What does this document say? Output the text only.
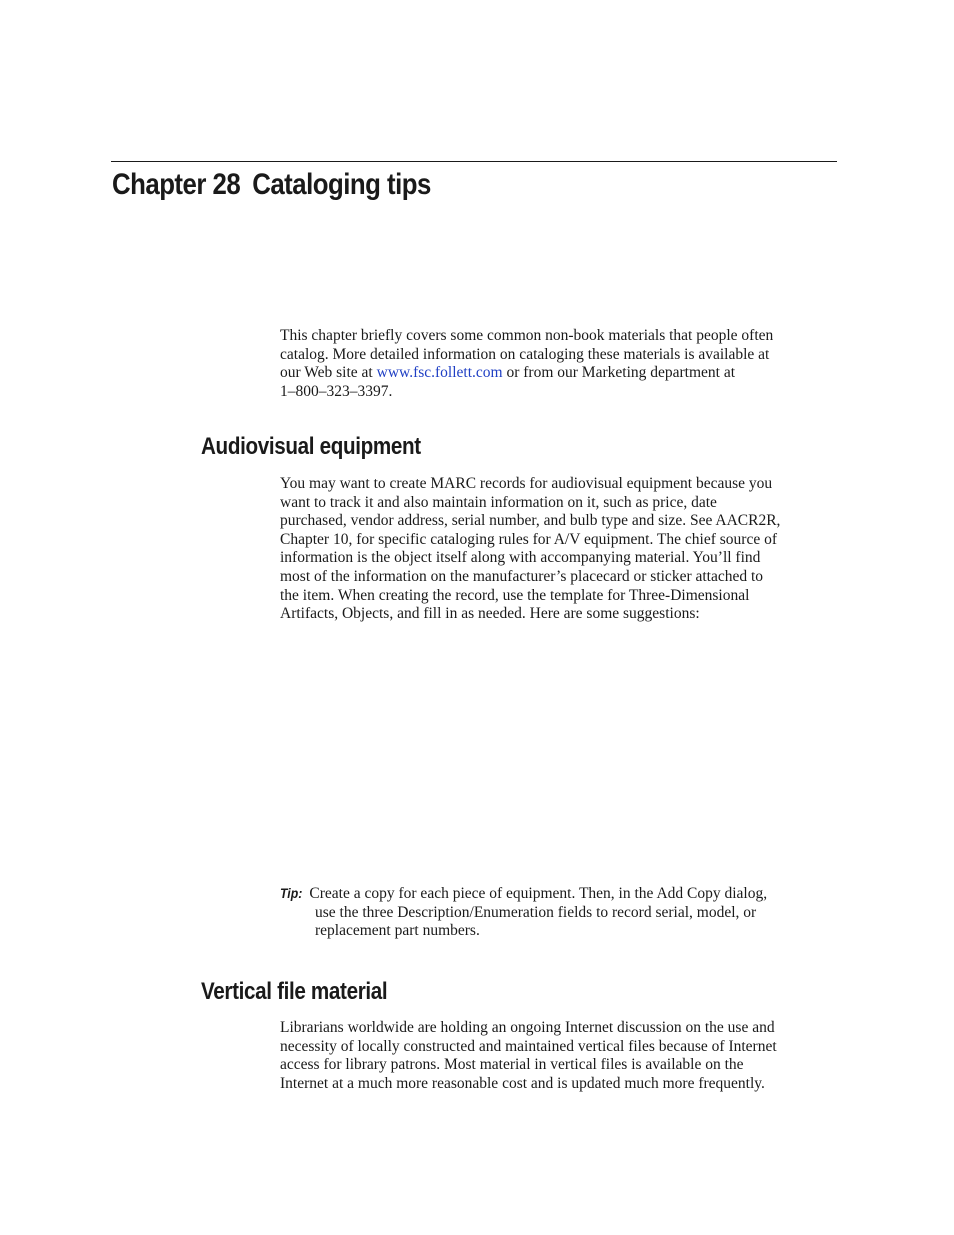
Chapter 28 Cataloging tips

This chapter briefly covers some common non-book materials that people often
catalog. More detailed information on cataloging these materials is available at
our Web site at www.fsc.follett.com or from our Marketing department at
1–800–323–3397.

Audiovisual equipment

You may want to create MARC records for audiovisual equipment because you
want to track it and also maintain information on it, such as price, date
purchased, vendor address, serial number, and bulb type and size. See AACR2R,
Chapter 10, for specific cataloging rules for A/V equipment. The chief source of
information is the object itself along with accompanying material. You’ll find
most of the information on the manufacturer’s placecard or sticker attached to
the item. When creating the record, use the template for Three-Dimensional
Artifacts, Objects, and fill in as needed. Here are some suggestions:

Tip: Create a copy for each piece of equipment. Then, in the Add Copy dialog,
use the three Description/Enumeration fields to record serial, model, or
replacement part numbers.

Vertical file material

Librarians worldwide are holding an ongoing Internet discussion on the use and
necessity of locally constructed and maintained vertical files because of Internet
access for library patrons. Most material in vertical files is available on the
Internet at a much more reasonable cost and is updated much more frequently.
